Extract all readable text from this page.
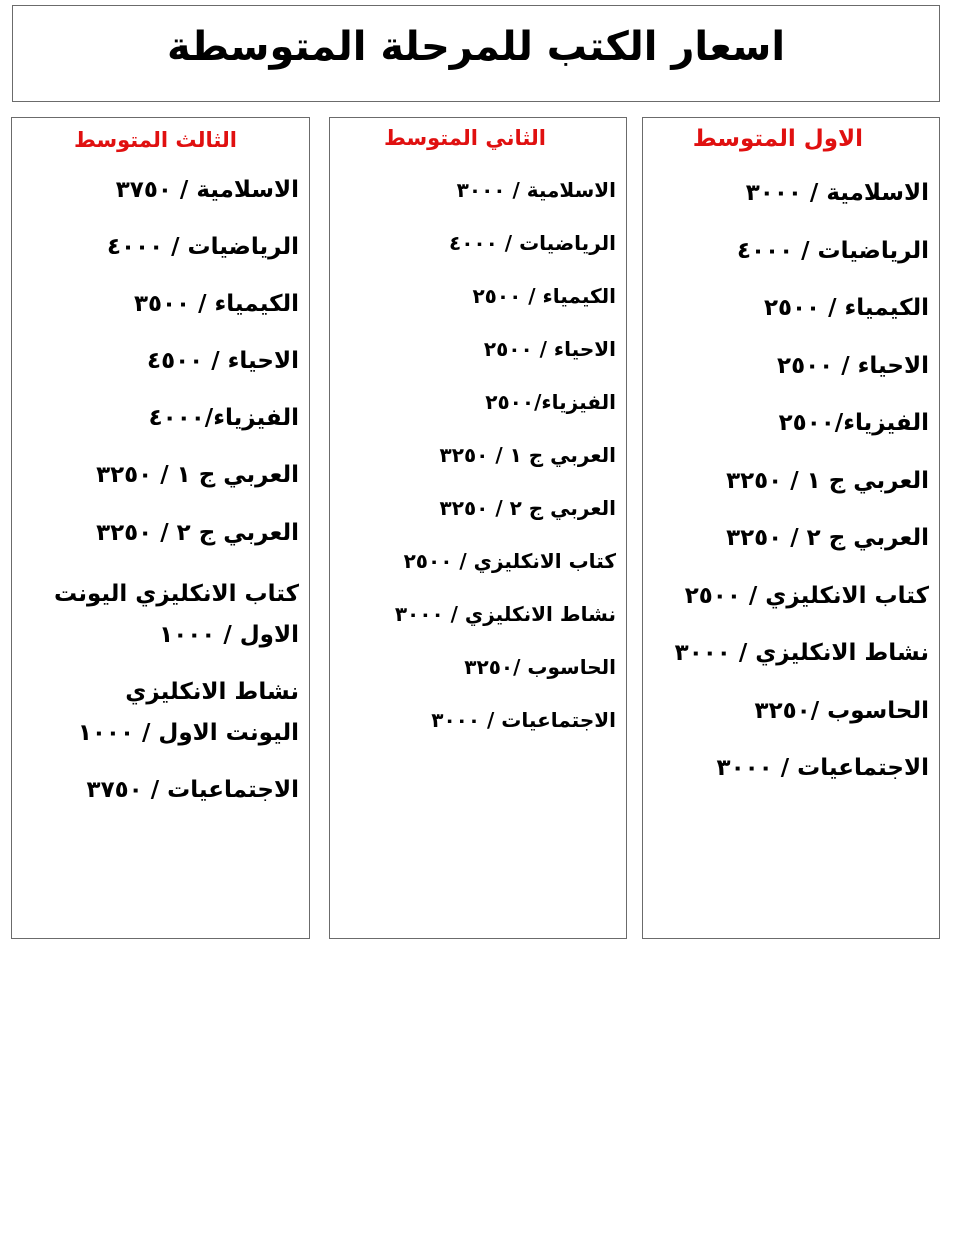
اسعار الكتب للمرحلة المتوسطة
الاول المتوسط
الاسلامية / ٣٠٠٠
الرياضيات / ٤٠٠٠
الكيمياء / ٢٥٠٠
الاحياء / ٢٥٠٠
الفيزياء/٢٥٠٠
العربي ج ١ / ٣٢٥٠
العربي ج ٢ / ٣٢٥٠
كتاب الانكليزي / ٢٥٠٠
نشاط الانكليزي / ٣٠٠٠
الحاسوب /٣٢٥٠
الاجتماعيات / ٣٠٠٠
الثاني المتوسط
الاسلامية / ٣٠٠٠
الرياضيات / ٤٠٠٠
الكيمياء / ٢٥٠٠
الاحياء / ٢٥٠٠
الفيزياء/٢٥٠٠
العربي ج ١ / ٣٢٥٠
العربي ج ٢ / ٣٢٥٠
كتاب الانكليزي / ٢٥٠٠
نشاط الانكليزي / ٣٠٠٠
الحاسوب /٣٢٥٠
الاجتماعيات / ٣٠٠٠
الثالث المتوسط
الاسلامية / ٣٧٥٠
الرياضيات / ٤٠٠٠
الكيمياء / ٣٥٠٠
الاحياء / ٤٥٠٠
الفيزياء/٤٠٠٠
العربي ج ١ / ٣٢٥٠
العربي ج ٢ / ٣٢٥٠
كتاب الانكليزي اليونت الاول / ١٠٠٠
نشاط الانكليزي اليونت الاول / ١٠٠٠
الاجتماعيات / ٣٧٥٠
